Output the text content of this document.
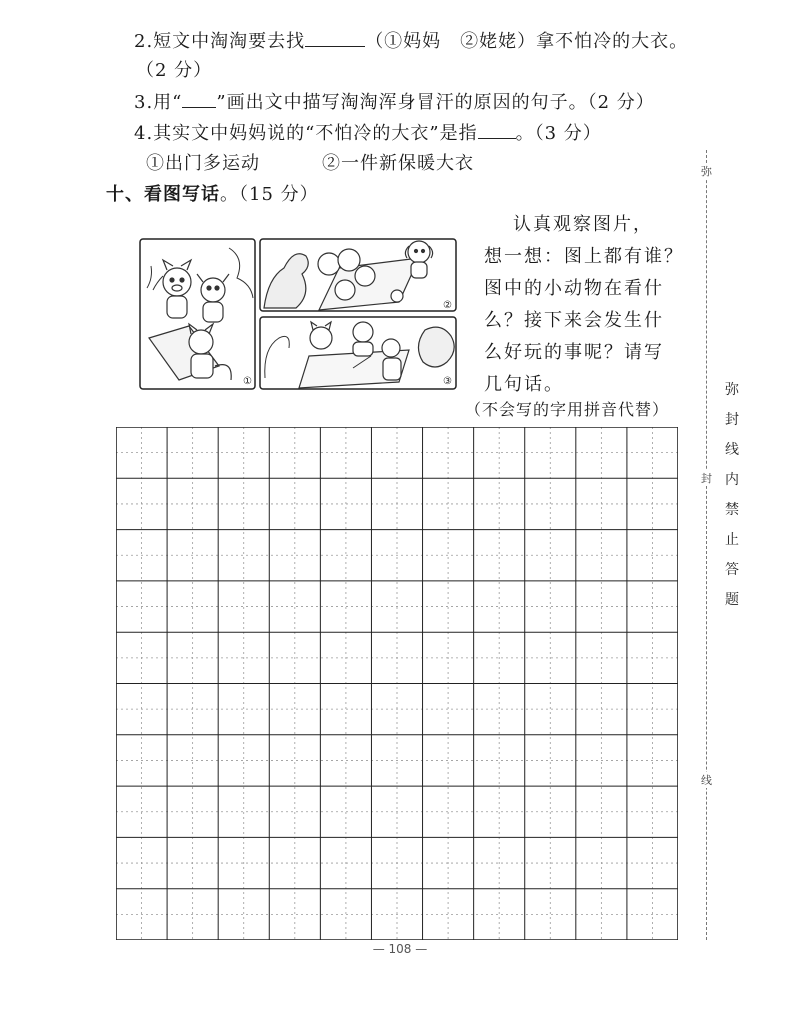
2.短文中淘淘要去找	（①妈妈　②姥姥）拿不怕冷的大衣。
（2 分）
3.用“ ”画出文中描写淘淘浑身冒汗的原因的句子。（2 分）
4.其实文中妈妈说的“不怕冷的大衣”是指 。（3 分）
①出门多运动	②一件新保暖大衣
十、看图写话。（15 分）
①
②
③
认真观察图片，
想一想：图上都有谁？
图中的小动物在看什
么？接下来会发生什
么好玩的事呢？请写
几句话。
（不会写的字用拼音代替）
弥
封
线
弥
封
线
内
禁
止
答
题
— 108 —
